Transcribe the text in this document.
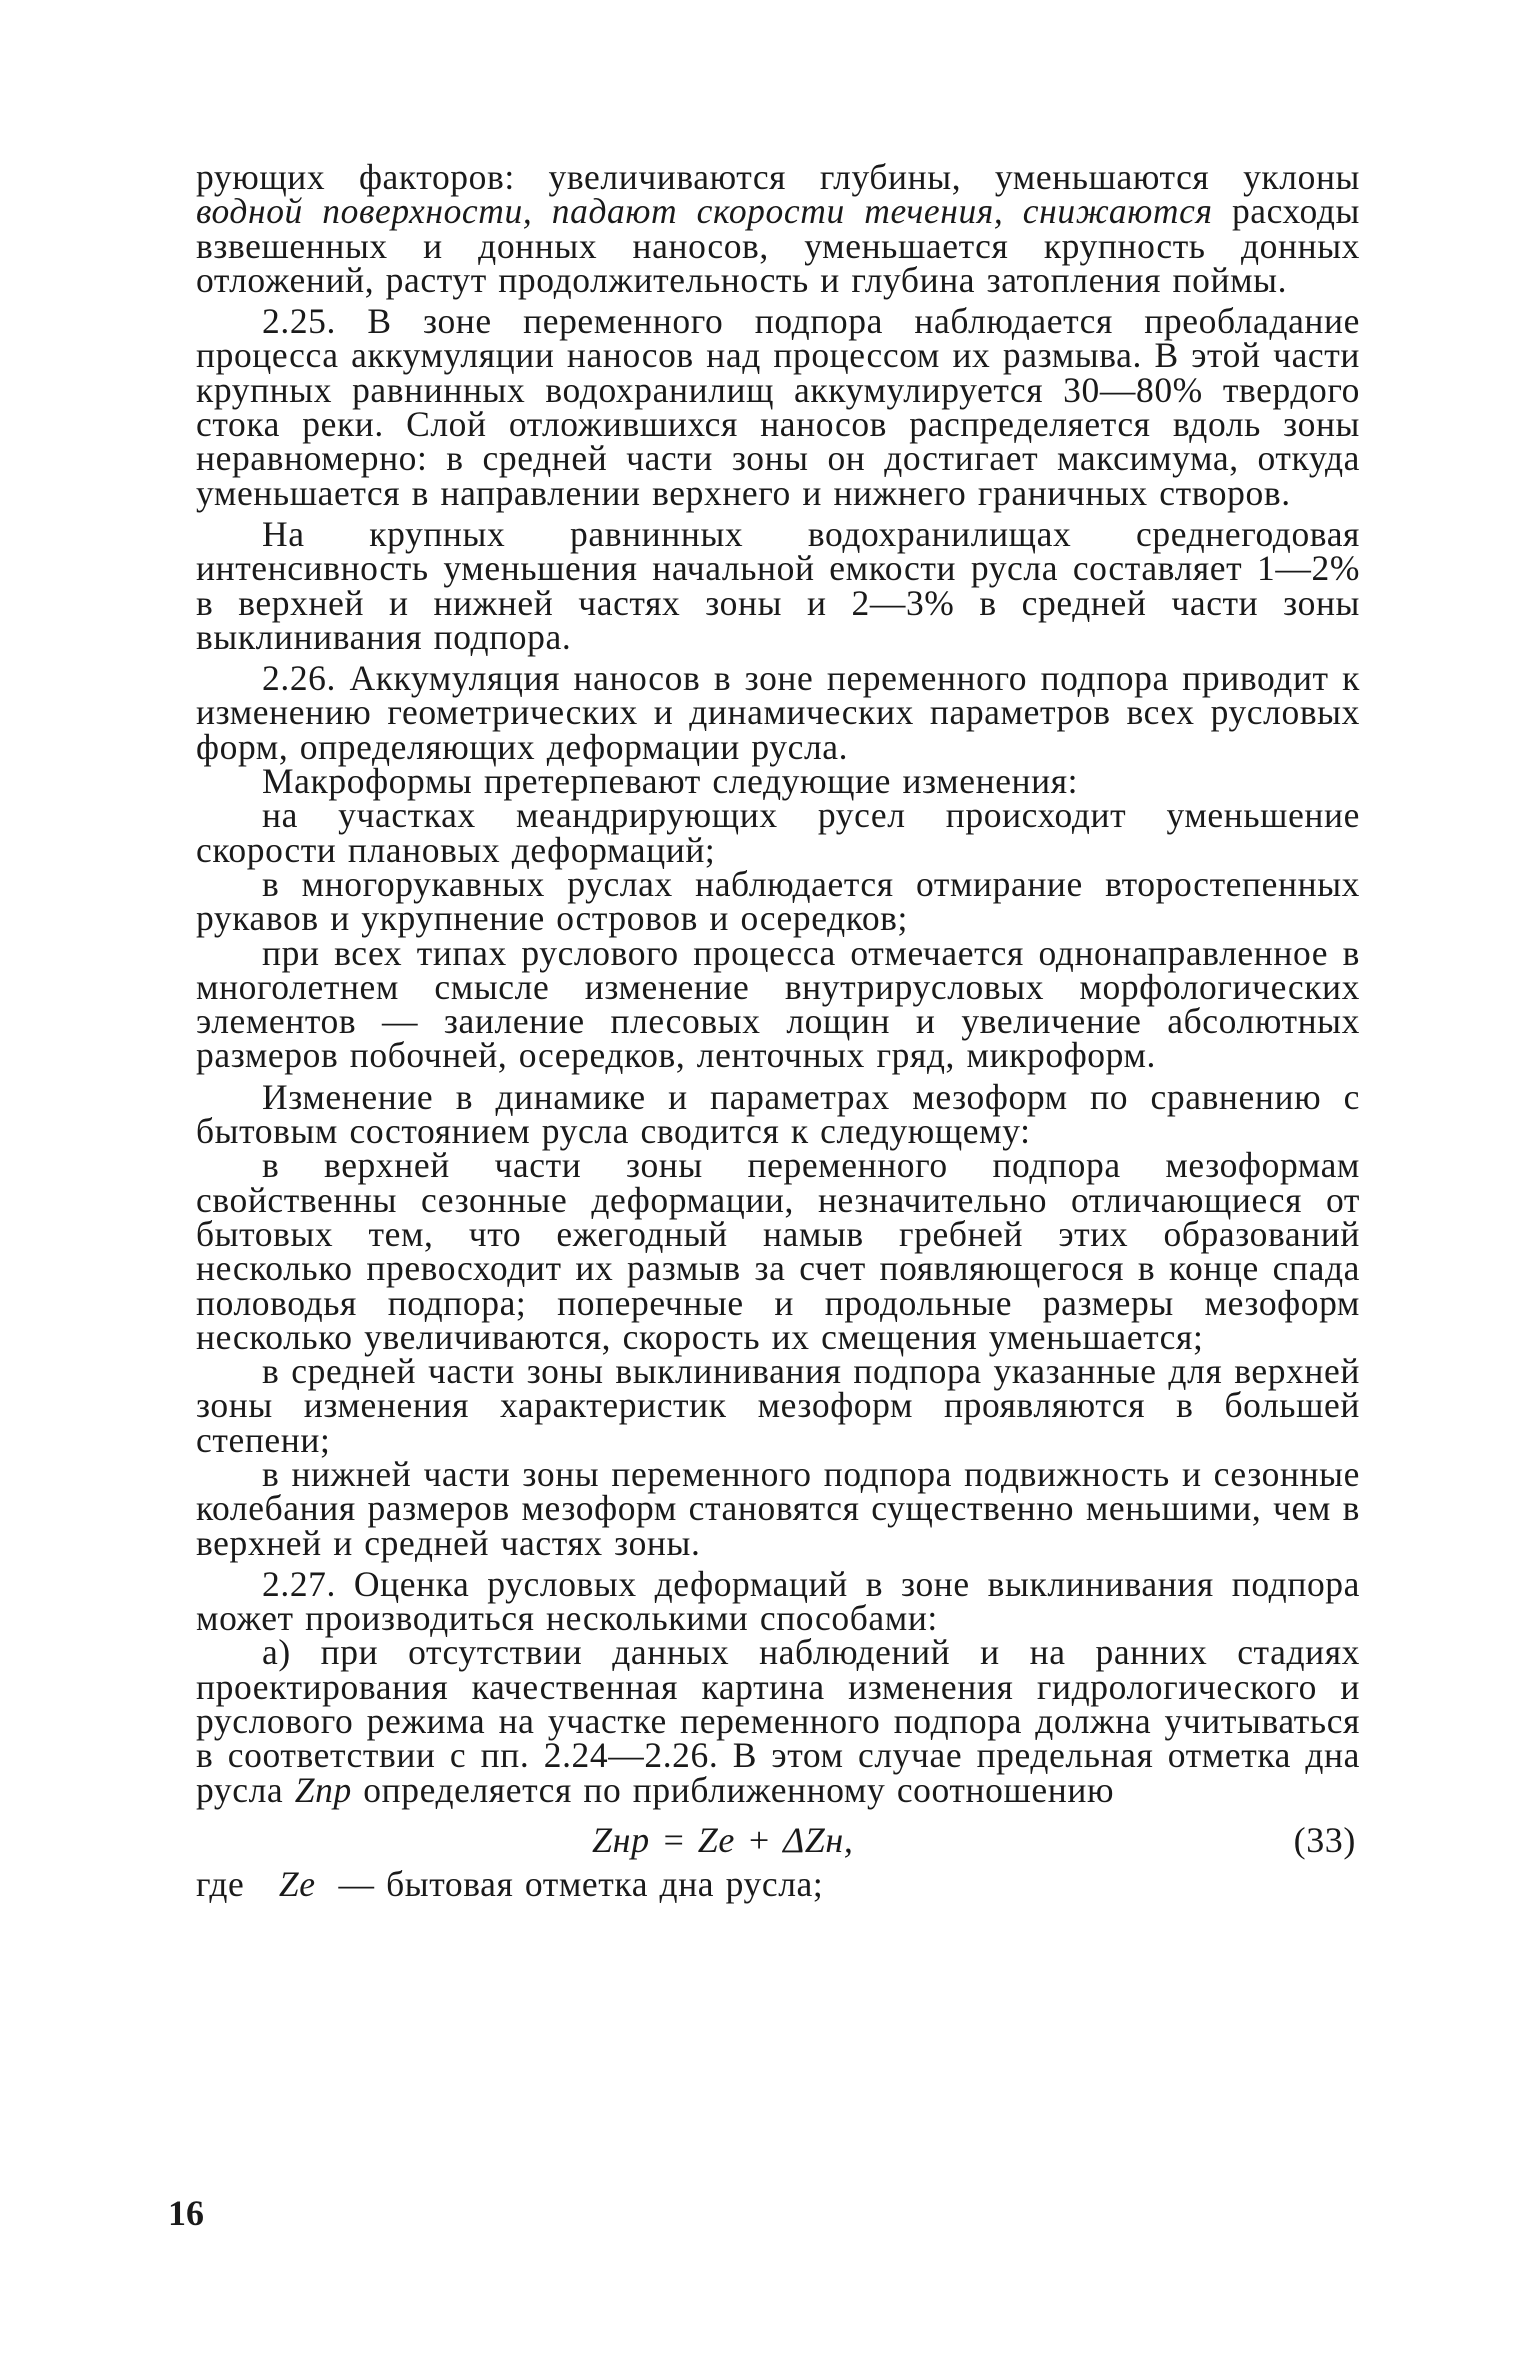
рующих факторов: увеличиваются глубины, уменьшаются уклоны водной поверхности, падают скорости течения, снижаются расходы взвешенных и донных наносов, уменьшается крупность донных отложений, растут продолжительность и глубина затопления поймы.

2.25. В зоне переменного подпора наблюдается преобладание процесса аккумуляции наносов над процессом их размыва. В этой части крупных равнинных водохранилищ аккумулируется 30—80% твердого стока реки. Слой отложившихся наносов распределяется вдоль зоны неравномерно: в средней части зоны он достигает максимума, откуда уменьшается в направлении верхнего и нижнего граничных створов.

На крупных равнинных водохранилищах среднегодовая интенсивность уменьшения начальной емкости русла составляет 1—2% в верхней и нижней частях зоны и 2—3% в средней части зоны выклинивания подпора.

2.26. Аккумуляция наносов в зоне переменного подпора приводит к изменению геометрических и динамических параметров всех русловых форм, определяющих деформации русла.

Макроформы претерпевают следующие изменения:

на участках меандрирующих русел происходит уменьшение скорости плановых деформаций;

в многорукавных руслах наблюдается отмирание второстепенных рукавов и укрупнение островов и осередков;

при всех типах руслового процесса отмечается однонаправленное в многолетнем смысле изменение внутрирусловых морфологических элементов — заиление плесовых лощин и увеличение абсолютных размеров побочней, осередков, ленточных гряд, микроформ.

Изменение в динамике и параметрах мезоформ по сравнению с бытовым состоянием русла сводится к следующему:

в верхней части зоны переменного подпора мезоформам свойственны сезонные деформации, незначительно отличающиеся от бытовых тем, что ежегодный намыв гребней этих образований несколько превосходит их размыв за счет появляющегося в конце спада половодья подпора; поперечные и продольные размеры мезоформ несколько увеличиваются, скорость их смещения уменьшается;

в средней части зоны выклинивания подпора указанные для верхней зоны изменения характеристик мезоформ проявляются в большей степени;

в нижней части зоны переменного подпора подвижность и сезонные колебания размеров мезоформ становятся существенно меньшими, чем в верхней и средней частях зоны.

2.27. Оценка русловых деформаций в зоне выклинивания подпора может производиться несколькими способами:

а) при отсутствии данных наблюдений и на ранних стадиях проектирования качественная картина изменения гидрологического и руслового режима на участке переменного подпора должна учитываться в соответствии с пп. 2.24—2.26. В этом случае предельная отметка дна русла Zпр определяется по приближенному соотношению

Zнр = Zе + ΔZн,	(33)

где Zе — бытовая отметка дна русла;

16
